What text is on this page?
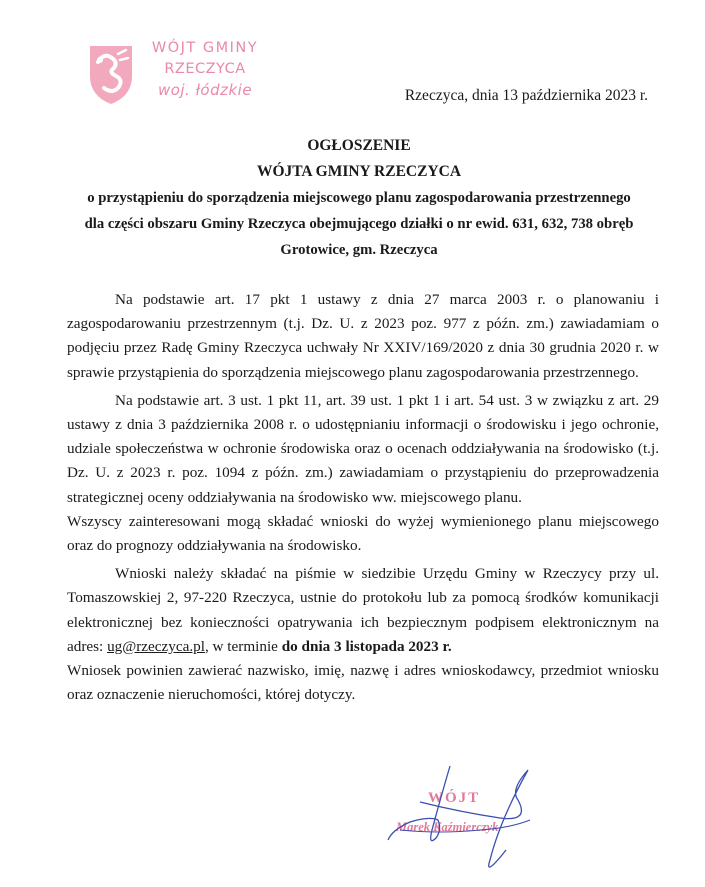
WÓJT GMINY
RZECZYCA
woj. łódzkie	Rzeczyca, dnia 13 października 2023 r.
OGŁOSZENIE
WÓJTA GMINY RZECZYCA
o przystąpieniu do sporządzenia miejscowego planu zagospodarowania przestrzennego
dla części obszaru Gminy Rzeczyca obejmującego działki o nr ewid. 631, 632, 738 obręb
Grotowice, gm. Rzeczyca

Na podstawie art. 17 pkt 1 ustawy z dnia 27 marca 2003 r. o planowaniu i zagospodarowaniu przestrzennym (t.j. Dz. U. z 2023 poz. 977 z późn. zm.) zawiadamiam o podjęciu przez Radę Gminy Rzeczyca uchwały Nr XXIV/169/2020 z dnia 30 grudnia 2020 r. w sprawie przystąpienia do sporządzenia miejscowego planu zagospodarowania przestrzennego.

Na podstawie art. 3 ust. 1 pkt 11, art. 39 ust. 1 pkt 1 i art. 54 ust. 3 w związku z art. 29 ustawy z dnia 3 października 2008 r. o udostępnianiu informacji o środowisku i jego ochronie, udziale społeczeństwa w ochronie środowiska oraz o ocenach oddziaływania na środowisko (t.j. Dz. U. z 2023 r. poz. 1094 z późn. zm.) zawiadamiam o przystąpieniu do przeprowadzenia strategicznej oceny oddziaływania na środowisko ww. miejscowego planu.

Wszyscy zainteresowani mogą składać wnioski do wyżej wymienionego planu miejscowego oraz do prognozy oddziaływania na środowisko.

Wnioski należy składać na piśmie w siedzibie Urzędu Gminy w Rzeczycy przy ul. Tomaszowskiej 2, 97-220 Rzeczyca, ustnie do protokołu lub za pomocą środków komunikacji elektronicznej bez konieczności opatrywania ich bezpiecznym podpisem elektronicznym na adres: ug@rzeczyca.pl, w terminie do dnia 3 listopada 2023 r.

Wniosek powinien zawierać nazwisko, imię, nazwę i adres wnioskodawcy, przedmiot wniosku oraz oznaczenie nieruchomości, której dotyczy.

WÓJT
Marek Kaźmierczyk
